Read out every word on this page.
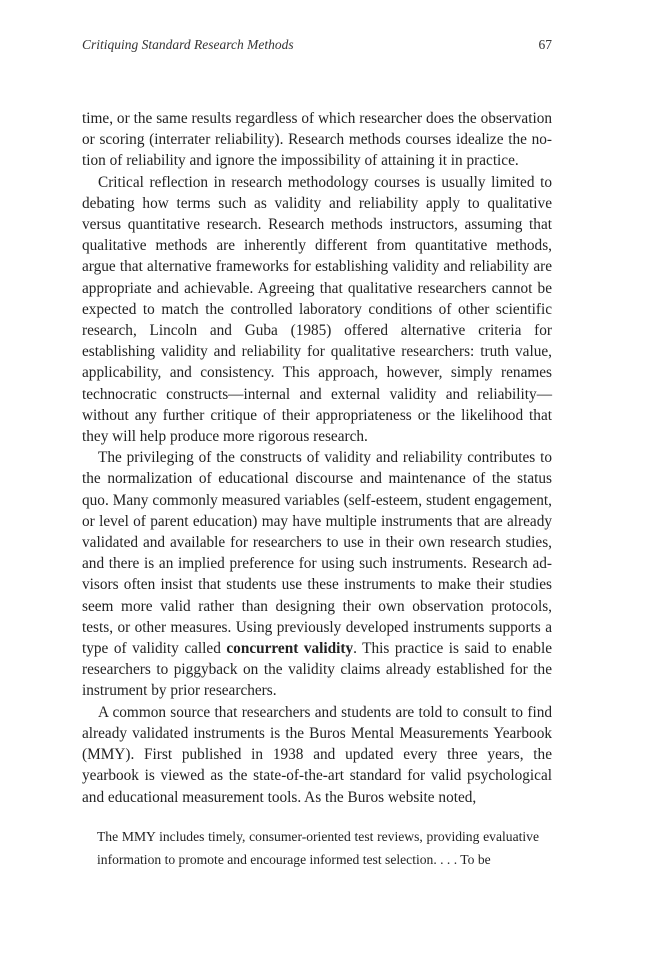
Critiquing Standard Research Methods	67

time, or the same results regardless of which researcher does the observation or scoring (interrater reliability). Research methods courses idealize the notion of reliability and ignore the impossibility of attaining it in practice.

Critical reflection in research methodology courses is usually limited to debating how terms such as validity and reliability apply to qualitative versus quantitative research. Research methods instructors, assuming that qualitative methods are inherently different from quantitative methods, argue that alternative frameworks for establishing validity and reliability are appropriate and achievable. Agreeing that qualitative researchers cannot be expected to match the controlled laboratory conditions of other scientific research, Lincoln and Guba (1985) offered alternative criteria for establishing validity and reliability for qualitative researchers: truth value, applicability, and consistency. This approach, however, simply renames technocratic constructs—internal and external validity and reliability—without any further critique of their appropriateness or the likelihood that they will help produce more rigorous research.

The privileging of the constructs of validity and reliability contributes to the normalization of educational discourse and maintenance of the status quo. Many commonly measured variables (self-esteem, student engagement, or level of parent education) may have multiple instruments that are already validated and available for researchers to use in their own research studies, and there is an implied preference for using such instruments. Research advisors often insist that students use these instruments to make their studies seem more valid rather than designing their own observation protocols, tests, or other measures. Using previously developed instruments supports a type of validity called concurrent validity. This practice is said to enable researchers to piggyback on the validity claims already established for the instrument by prior researchers.

A common source that researchers and students are told to consult to find already validated instruments is the Buros Mental Measurements Yearbook (MMY). First published in 1938 and updated every three years, the yearbook is viewed as the state-of-the-art standard for valid psychological and educational measurement tools. As the Buros website noted,

The MMY includes timely, consumer-oriented test reviews, providing evaluative information to promote and encourage informed test selection. . . . To be
